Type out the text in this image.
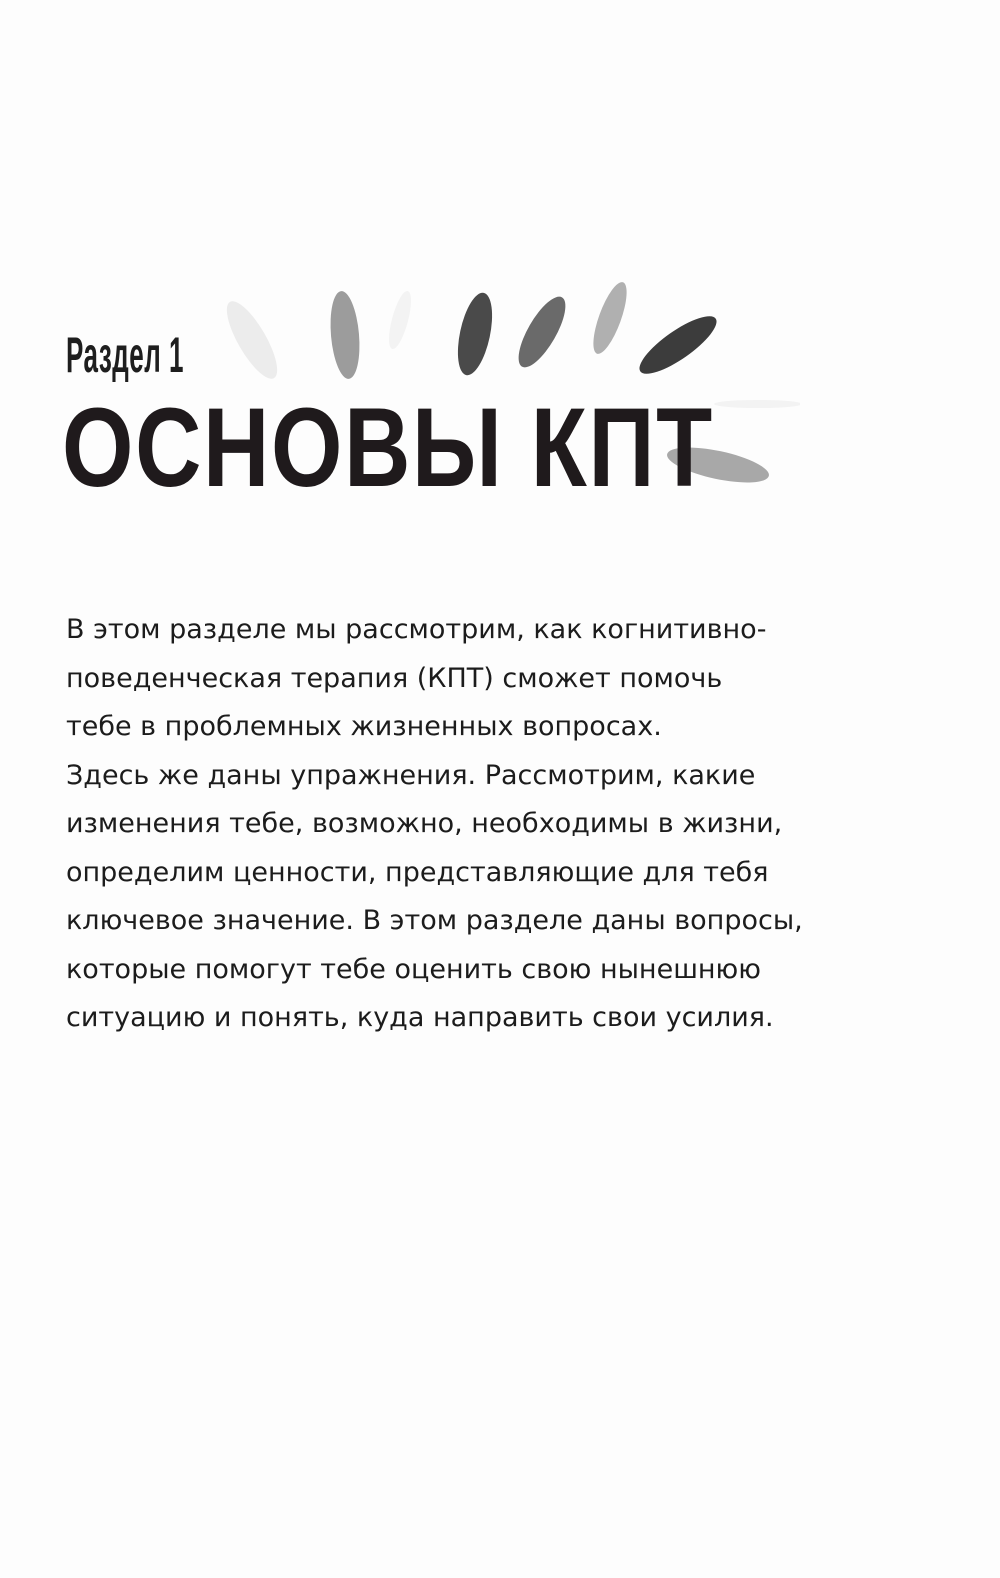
Раздел 1
ОСНОВЫ КПТ
В этом разделе мы рассмотрим, как когнитивно-
поведенческая терапия (КПТ) сможет помочь
тебе в проблемных жизненных вопросах.
Здесь же даны упражнения. Рассмотрим, какие
изменения тебе, возможно, необходимы в жизни,
определим ценности, представляющие для тебя
ключевое значение. В этом разделе даны вопросы,
которые помогут тебе оценить свою нынешнюю
ситуацию и понять, куда направить свои усилия.
